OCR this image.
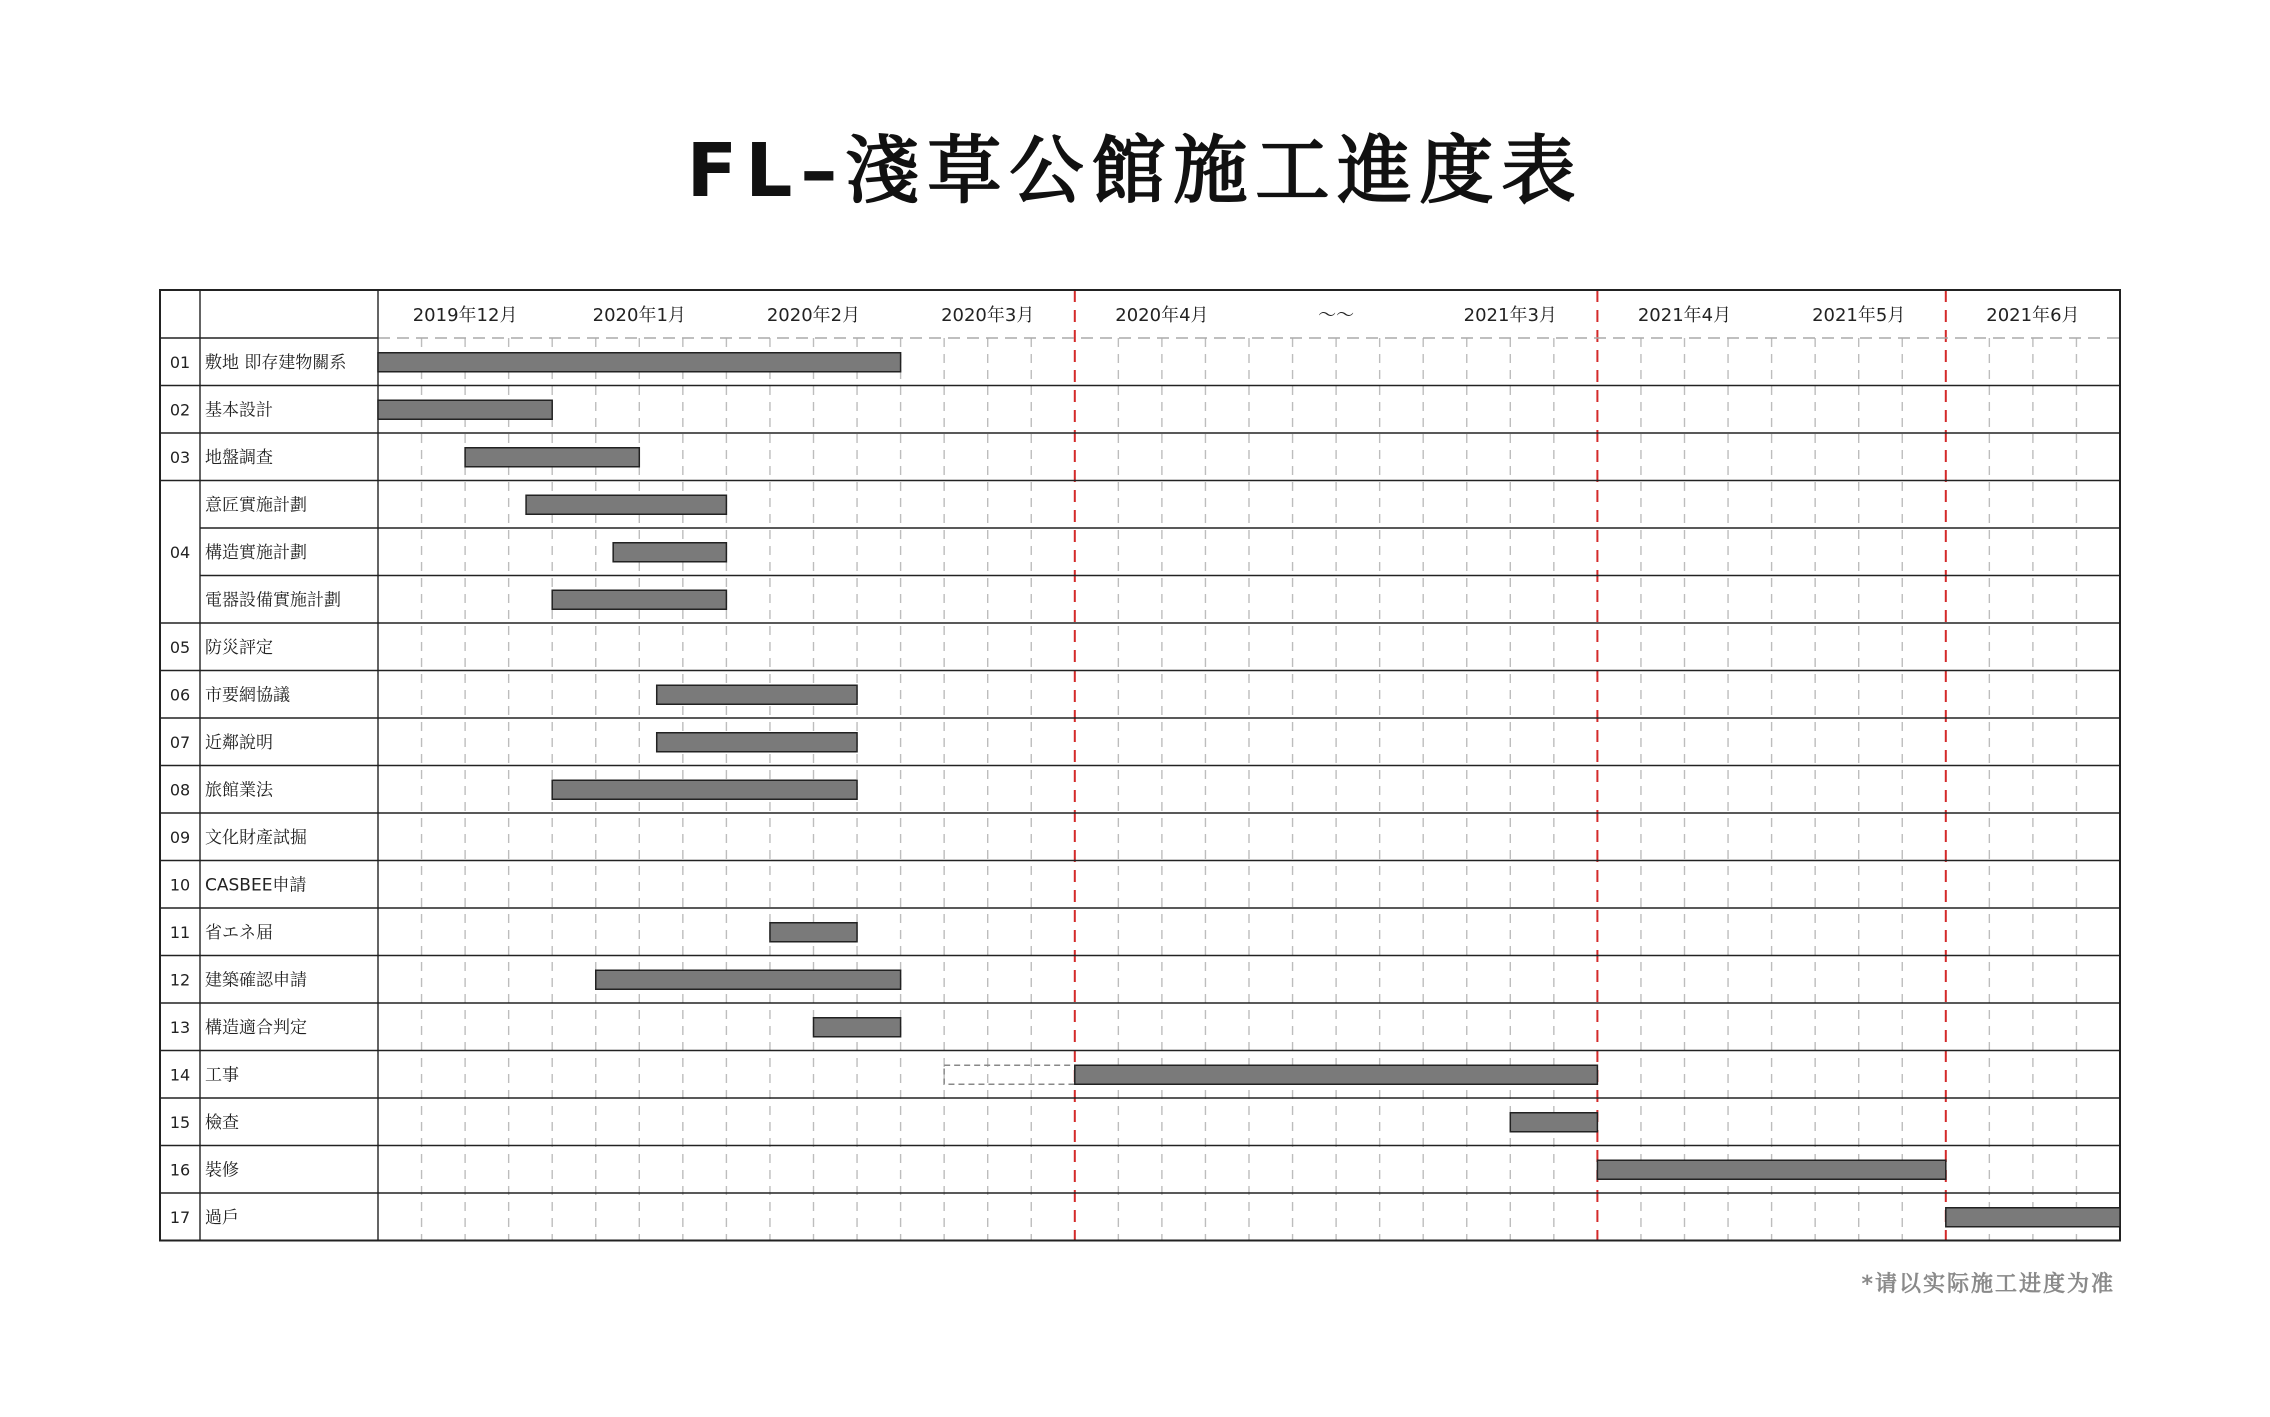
FL–淺草公館施工進度表
2019年12月	2020年1月	2020年2月	2020年3月	2020年4月	～～	2021年3月	2021年4月	2021年5月	2021年6月
01 敷地 即存建物關系
02 基本設計
03 地盤調查
04
意匠實施計劃
構造實施計劃
電器設備實施計劃
05 防災評定
06 市要網協議
07 近鄰說明
08 旅館業法
09 文化財產試掘
10 CASBEE申請
11 省エネ届
12 建築確認申請
13 構造適合判定
14 工事
15 檢查
16 裝修
17 過戶
*请以实际施工进度为准
